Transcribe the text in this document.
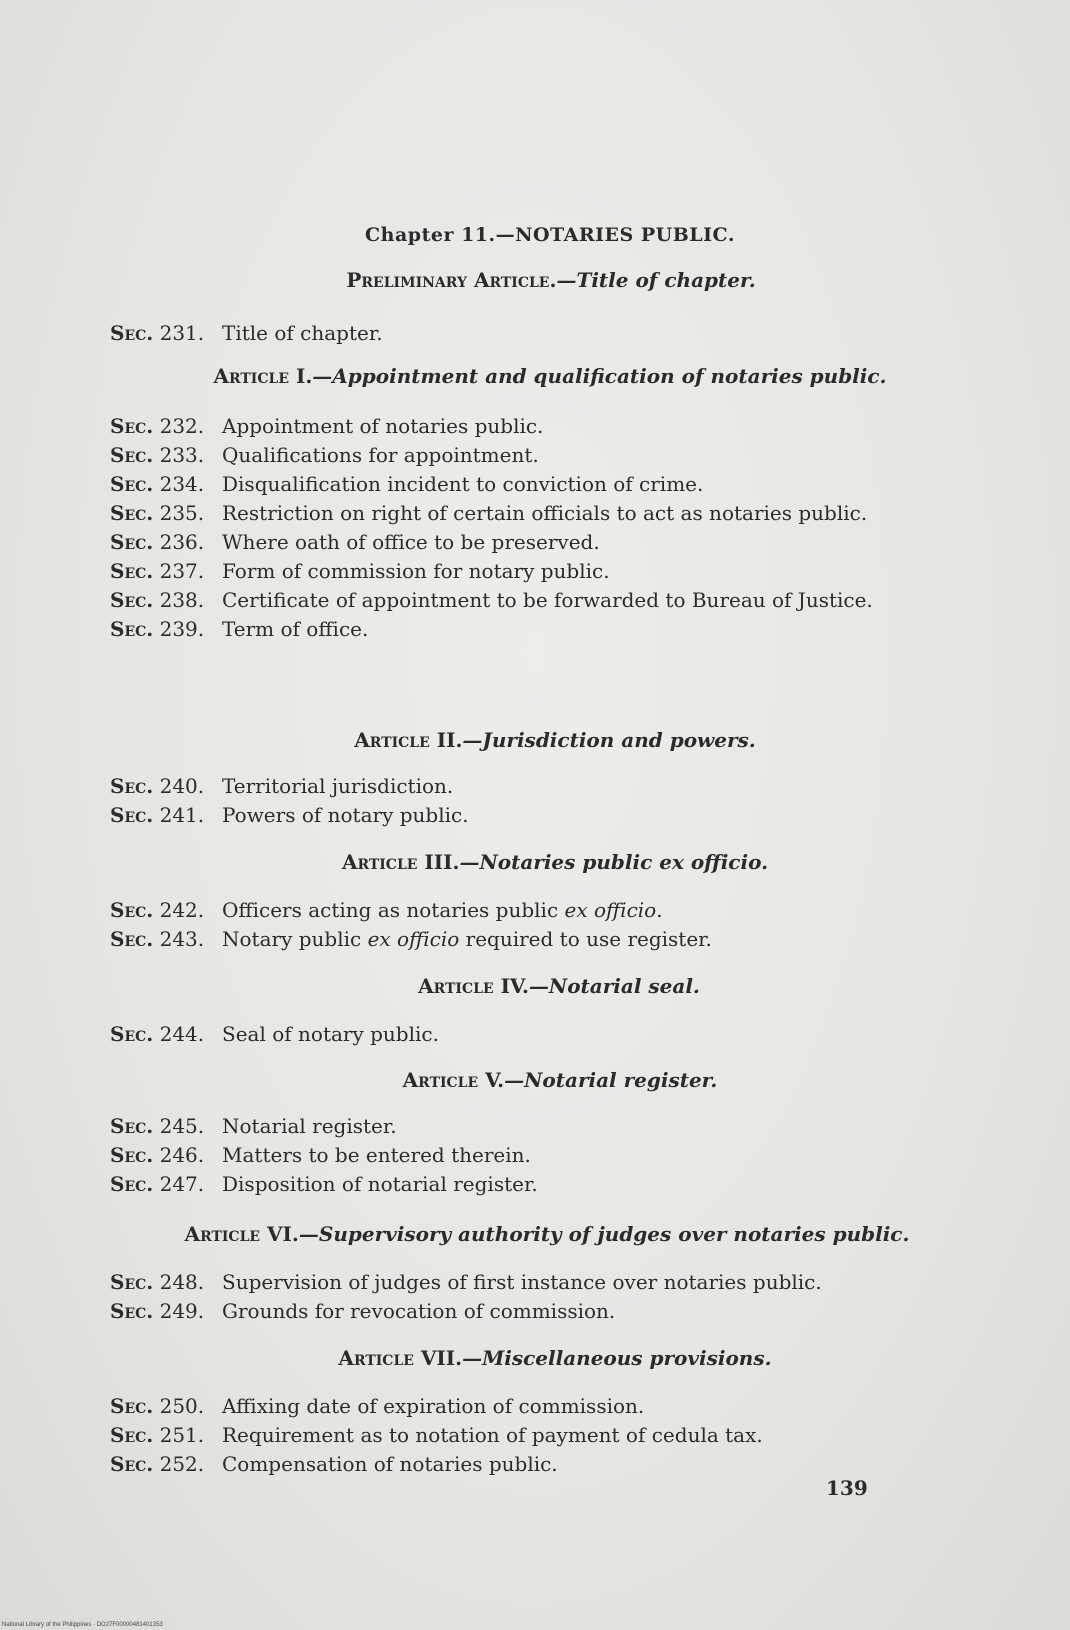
Chapter 11.—NOTARIES PUBLIC.
Preliminary Article.—Title of chapter.
Sec. 231. Title of chapter.
Article I.—Appointment and qualification of notaries public.
Sec. 232. Appointment of notaries public.
Sec. 233. Qualifications for appointment.
Sec. 234. Disqualification incident to conviction of crime.
Sec. 235. Restriction on right of certain officials to act as notaries public.
Sec. 236. Where oath of office to be preserved.
Sec. 237. Form of commission for notary public.
Sec. 238. Certificate of appointment to be forwarded to Bureau of Justice.
Sec. 239. Term of office.
Article II.—Jurisdiction and powers.
Sec. 240. Territorial jurisdiction.
Sec. 241. Powers of notary public.
Article III.—Notaries public ex officio.
Sec. 242. Officers acting as notaries public ex officio.
Sec. 243. Notary public ex officio required to use register.
Article IV.—Notarial seal.
Sec. 244. Seal of notary public.
Article V.—Notarial register.
Sec. 245. Notarial register.
Sec. 246. Matters to be entered therein.
Sec. 247. Disposition of notarial register.
Article VI.—Supervisory authority of judges over notaries public.
Sec. 248. Supervision of judges of first instance over notaries public.
Sec. 249. Grounds for revocation of commission.
Article VII.—Miscellaneous provisions.
Sec. 250. Affixing date of expiration of commission.
Sec. 251. Requirement as to notation of payment of cedula tax.
Sec. 252. Compensation of notaries public.
139
National Library of the Philippines · DO27F00000481401353
